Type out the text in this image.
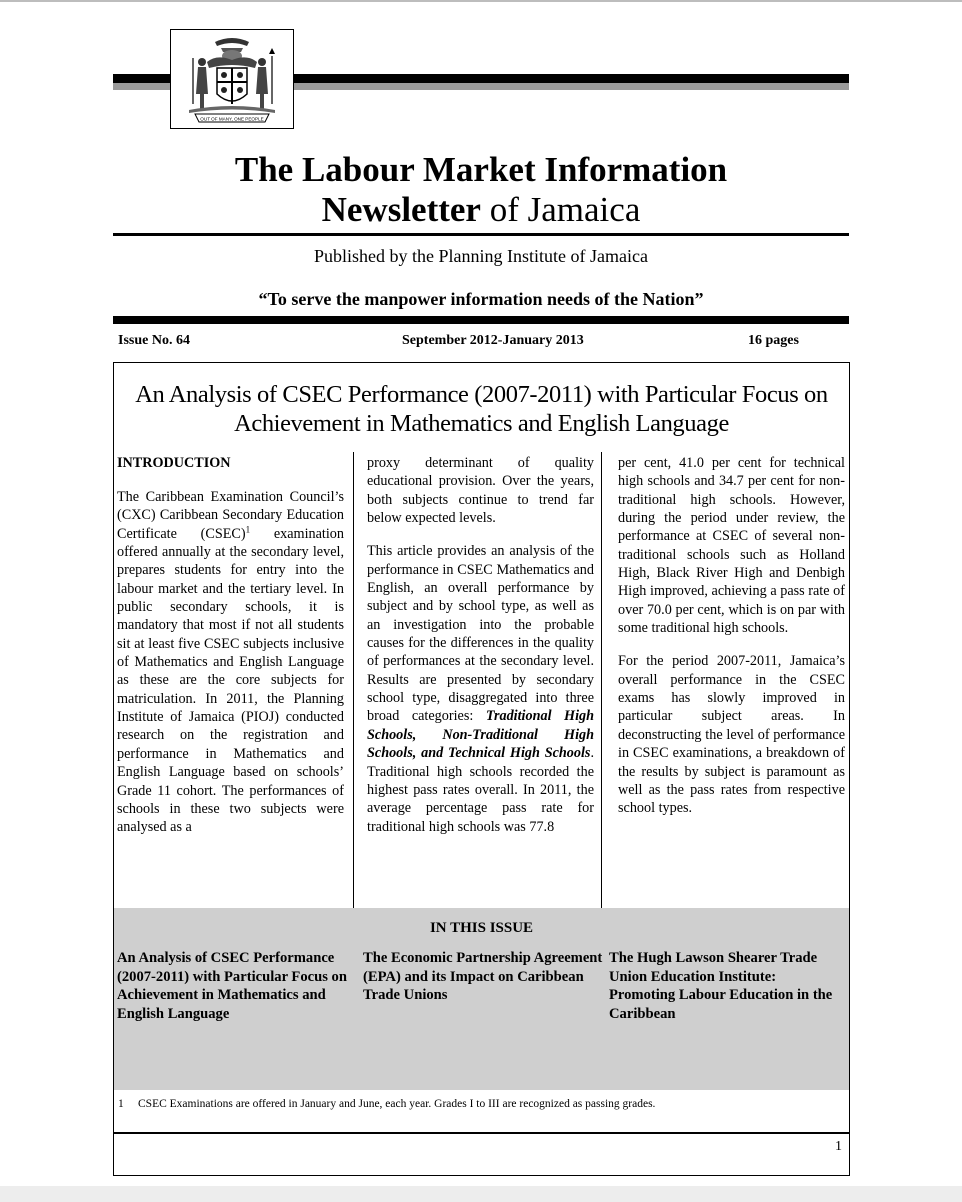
OUT OF MANY, ONE PEOPLE
The Labour Market Information
Newsletter of Jamaica
Published by the Planning Institute of Jamaica
“To serve the manpower information needs of the Nation”
Issue No. 64	September 2012-January 2013	16 pages
An Analysis of CSEC Performance (2007-2011) with Particular Focus on Achievement in Mathematics and English Language
INTRODUCTION

The Caribbean Examination Council’s (CXC) Caribbean Secondary Education Certificate (CSEC)$^1$ examination offered annually at the secondary level, prepares students for entry into the labour market and the tertiary level. In public secondary schools, it is mandatory that most if not all students sit at least five CSEC subjects inclusive of Mathematics and English Language as these are the core subjects for matriculation. In 2011, the Planning Institute of Jamaica (PIOJ) conducted research on the registration and performance in Mathematics and English Language based on schools’ Grade 11 cohort. The performances of schools in these two subjects were analysed as a

proxy determinant of quality educational provision. Over the years, both subjects continue to trend far below expected levels.

This article provides an analysis of the performance in CSEC Mathematics and English, an overall performance by subject and by school type, as well as an investigation into the probable causes for the differences in the quality of performances at the secondary level. Results are presented by secondary school type, disaggregated into three broad categories: Traditional High Schools, Non-Traditional High Schools, and Technical High Schools. Traditional high schools recorded the highest pass rates overall. In 2011, the average percentage pass rate for traditional high schools was 77.8

per cent, 41.0 per cent for technical high schools and 34.7 per cent for non-traditional high schools. However, during the period under review, the performance at CSEC of several non-traditional schools such as Holland High, Black River High and Denbigh High improved, achieving a pass rate of over 70.0 per cent, which is on par with some traditional high schools.

For the period 2007-2011, Jamaica’s overall performance in the CSEC exams has slowly improved in particular subject areas. In deconstructing the level of performance in CSEC examinations, a breakdown of the results by subject is paramount as well as the pass rates from respective school types.

IN THIS ISSUE
An Analysis of CSEC Performance (2007-2011) with Particular Focus on Achievement in Mathematics and English Language
The Economic Partnership Agreement (EPA) and its Impact on Caribbean Trade Unions
The Hugh Lawson Shearer Trade Union Education Institute: Promoting Labour Education in the Caribbean
1 CSEC Examinations are offered in January and June, each year. Grades I to III are recognized as passing grades.
1
